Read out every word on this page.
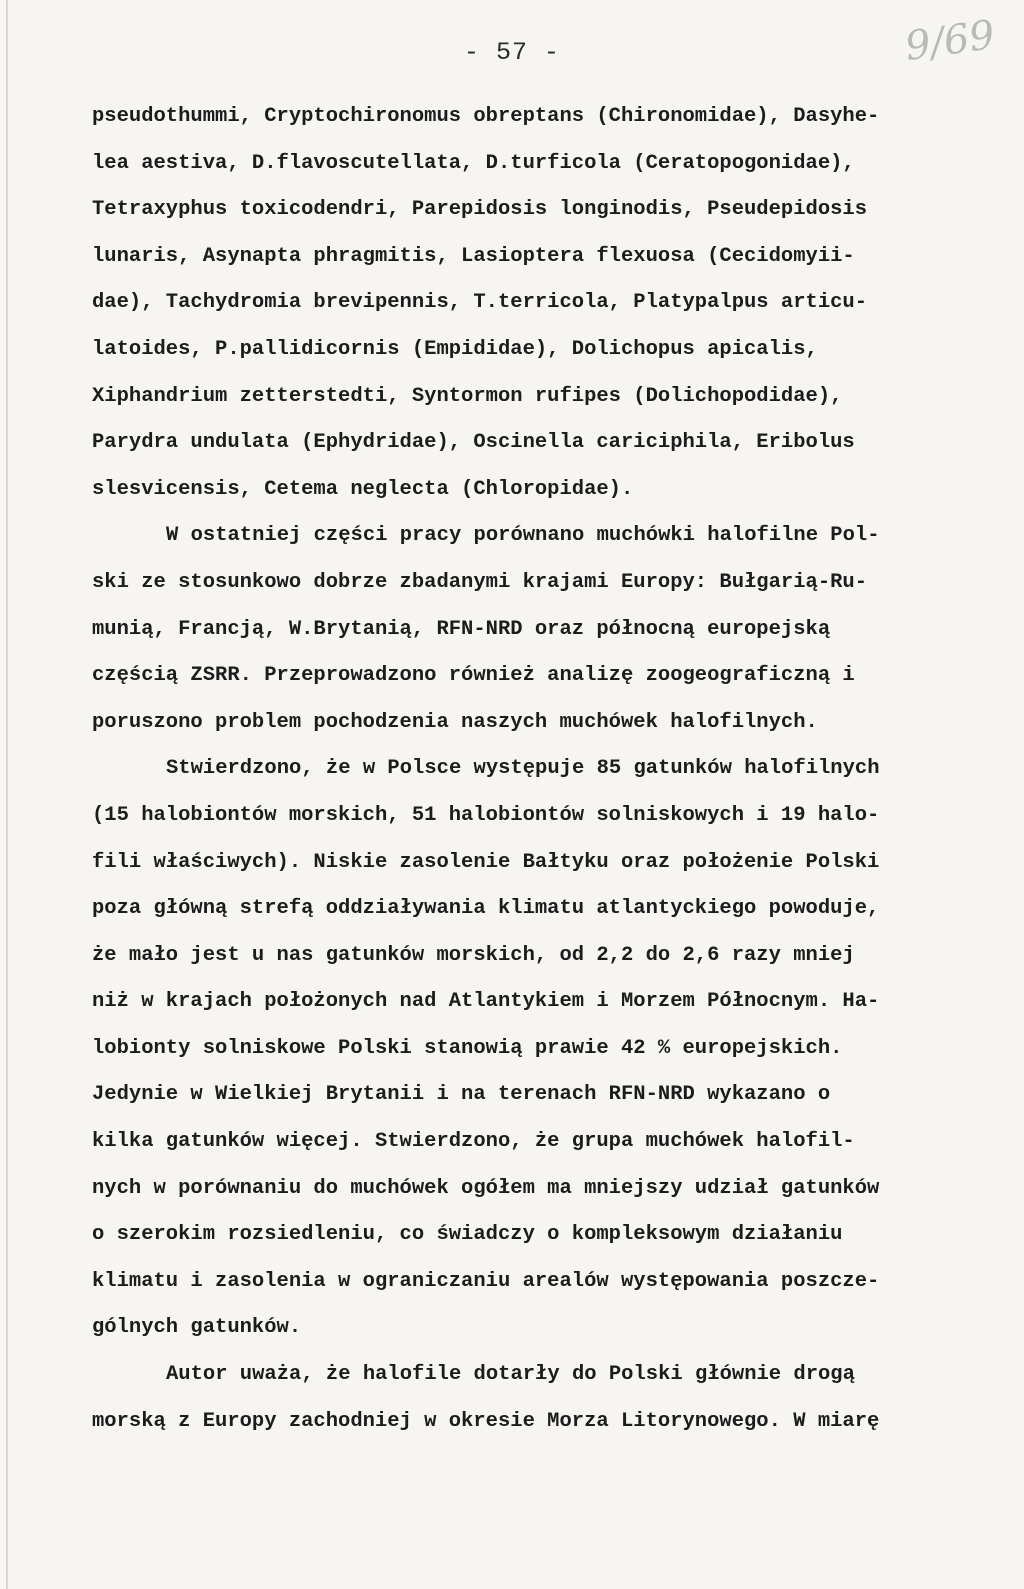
- 57 -	9/69
pseudothummi, Cryptochironomus obreptans (Chironomidae), Dasyhe-
lea aestiva, D.flavoscutellata, D.turficola (Ceratopogonidae),
Tetraxyphus toxicodendri, Parepidosis longinodis, Pseudepidosis
lunaris, Asynapta phragmitis, Lasioptera flexuosa (Cecidomyii-
dae), Tachydromia brevipennis, T.terricola, Platypalpus articu-
latoides, P.pallidicornis (Empididae), Dolichopus apicalis,
Xiphandrium zetterstedti, Syntormon rufipes (Dolichopodidae),
Parydra undulata (Ephydridae), Oscinella cariciphila, Eribolus
slesvicensis, Cetema neglecta (Chloropidae).
W ostatniej części pracy porównano muchówki halofilne Pol-
ski ze stosunkowo dobrze zbadanymi krajami Europy: Bułgarią-Ru-
munią, Francją, W.Brytanią, RFN-NRD oraz północną europejską
częścią ZSRR. Przeprowadzono również analizę zoogeograficzną i
poruszono problem pochodzenia naszych muchówek halofilnych.
Stwierdzono, że w Polsce występuje 85 gatunków halofilnych
(15 halobiontów morskich, 51 halobiontów solniskowych i 19 halo-
fili właściwych). Niskie zasolenie Bałtyku oraz położenie Polski
poza główną strefą oddziaływania klimatu atlantyckiego powoduje,
że mało jest u nas gatunków morskich, od 2,2 do 2,6 razy mniej
niż w krajach położonych nad Atlantykiem i Morzem Północnym. Ha-
lobionty solniskowe Polski stanowią prawie 42 % europejskich.
Jedynie w Wielkiej Brytanii i na terenach RFN-NRD wykazano o
kilka gatunków więcej. Stwierdzono, że grupa muchówek halofil-
nych w porównaniu do muchówek ogółem ma mniejszy udział gatunków
o szerokim rozsiedleniu, co świadczy o kompleksowym działaniu
klimatu i zasolenia w ograniczaniu arealów występowania poszcze-
gólnych gatunków.
Autor uważa, że halofile dotarły do Polski głównie drogą
morską z Europy zachodniej w okresie Morza Litorynowego. W miarę
